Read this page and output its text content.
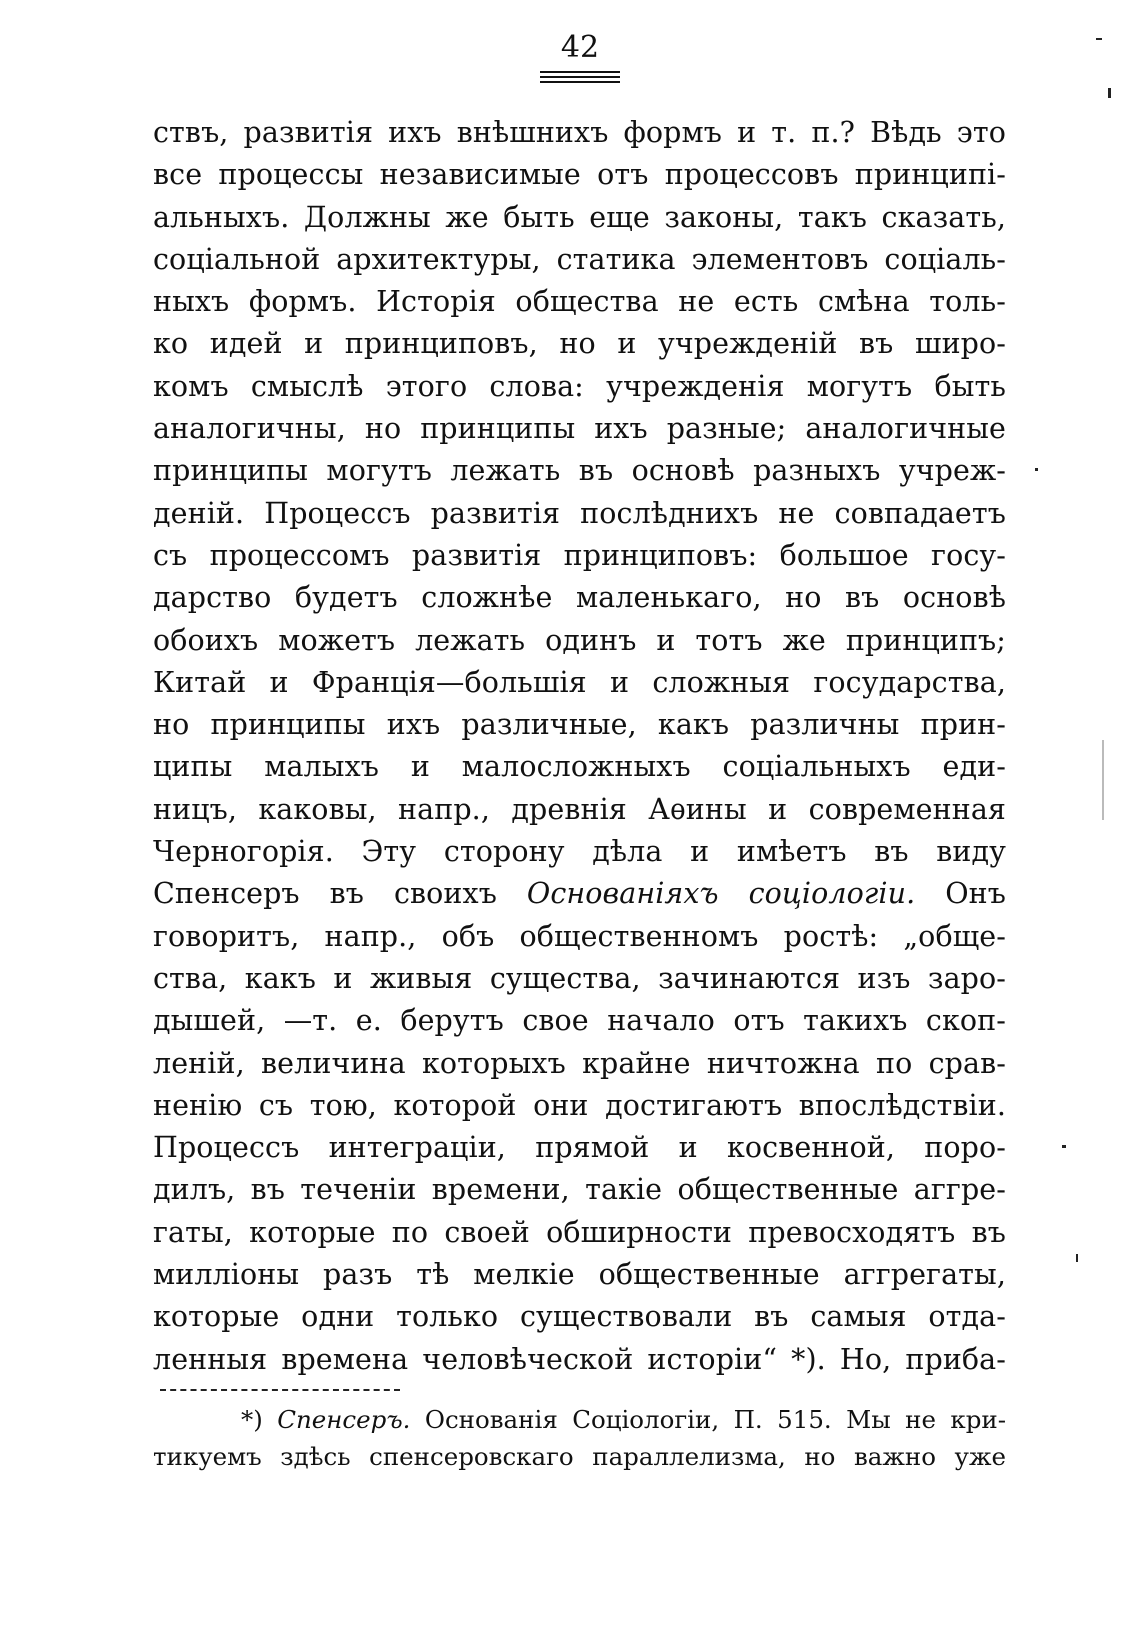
42
ствъ, развитія ихъ внѣшнихъ формъ и т. п.? Вѣдь это
все процессы независимые отъ процессовъ принципі-
альныхъ. Должны же быть еще законы, такъ сказать,
соціальной архитектуры, статика элементовъ соціаль-
ныхъ формъ. Исторія общества не есть смѣна толь-
ко идей и принциповъ, но и учрежденій въ широ-
комъ смыслѣ этого слова: учрежденія могутъ быть
аналогичны, но принципы ихъ разные; аналогичные
принципы могутъ лежать въ основѣ разныхъ учреж-
деній. Процессъ развитія послѣднихъ не совпадаетъ
съ процессомъ развитія принциповъ: большое госу-
дарство будетъ сложнѣе маленькаго, но въ основѣ
обоихъ можетъ лежать одинъ и тотъ же принципъ;
Китай и Франція—большія и сложныя государства,
но принципы ихъ различные, какъ различны прин-
ципы малыхъ и малосложныхъ соціальныхъ еди-
ницъ, каковы, напр., древнія Аѳины и современная
Черногорія. Эту сторону дѣла и имѣетъ въ виду
Спенсеръ въ своихъ Основаніяхъ соціологіи. Онъ
говоритъ, напр., объ общественномъ ростѣ: „обще-
ства, какъ и живыя существа, зачинаются изъ заро-
дышей, —т. е. берутъ свое начало отъ такихъ скоп-
леній, величина которыхъ крайне ничтожна по срав-
ненію съ тою, которой они достигаютъ впослѣдствіи.
Процессъ интеграціи, прямой и косвенной, поро-
дилъ, въ теченіи времени, такіе общественные aггре-
гаты, которые по своей обширности превосходятъ въ
милліоны разъ тѣ мелкіе общественные аггрегаты,
которые одни только существовали въ самыя отда-
ленныя времена человѣческой исторіи“ *). Но, приба-
*) Спенсеръ. Основанія Соціологіи, П. 515. Мы не кри-
тикуемъ здѣсь спенсеровскаго параллелизма, но важно уже
